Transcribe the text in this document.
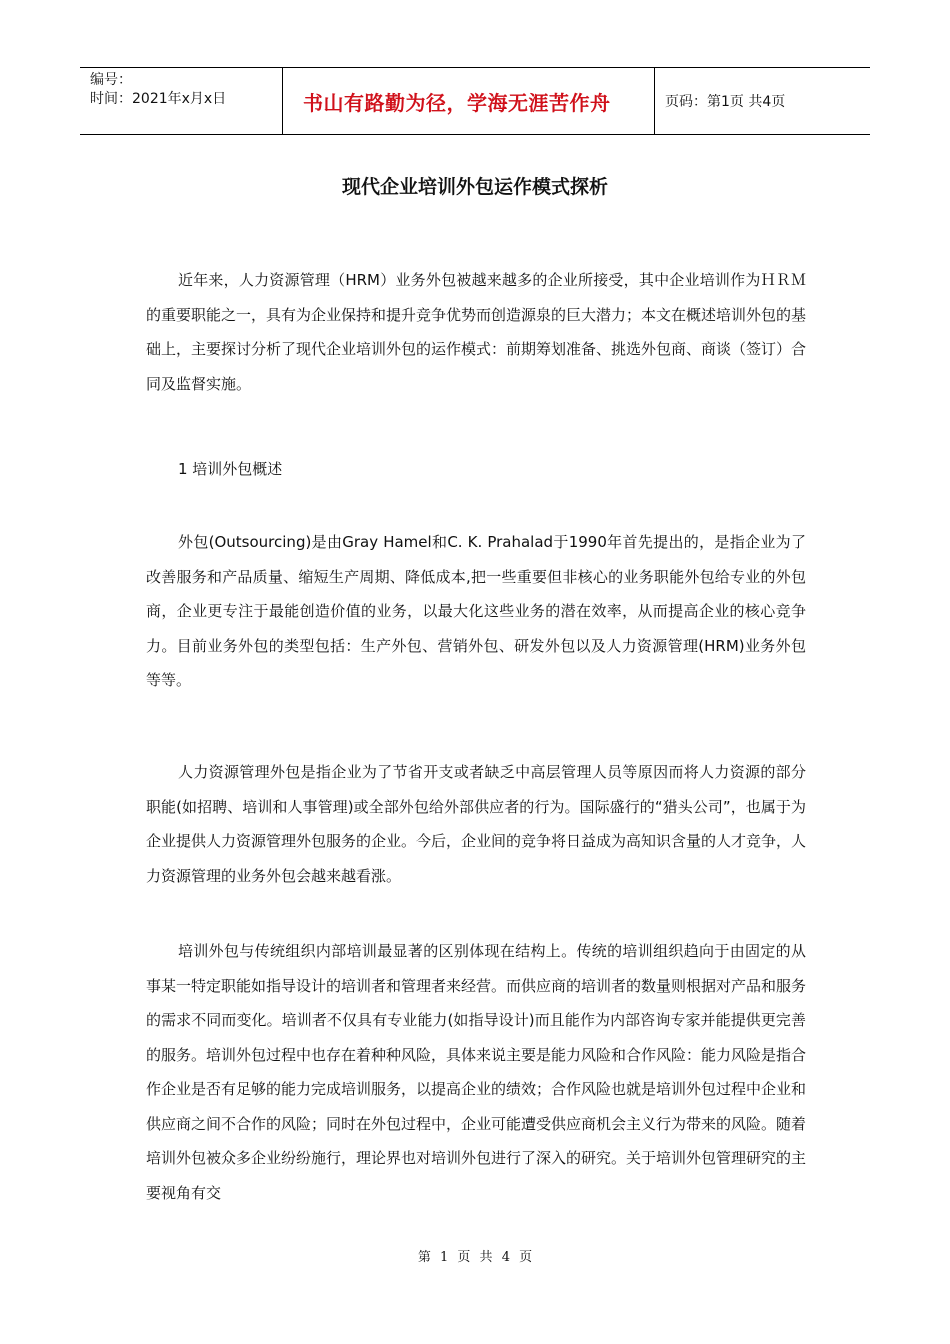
编号：
时间：2021年x月x日	书山有路勤为径，学海无涯苦作舟	页码：第1页 共4页
现代企业培训外包运作模式探析

近年来，人力资源管理（HRM）业务外包被越来越多的企业所接受，其中企业培训作为ＨＲＭ的重要职能之一，具有为企业保持和提升竞争优势而创造源泉的巨大潜力；本文在概述培训外包的基础上，主要探讨分析了现代企业培训外包的运作模式：前期筹划准备、挑选外包商、商谈（签订）合同及监督实施。

1 培训外包概述

外包(Outsourcing)是由Gray Hamel和C. K. Prahalad于1990年首先提出的，是指企业为了改善服务和产品质量、缩短生产周期、降低成本,把一些重要但非核心的业务职能外包给专业的外包商，企业更专注于最能创造价值的业务，以最大化这些业务的潜在效率，从而提高企业的核心竞争力。目前业务外包的类型包括：生产外包、营销外包、研发外包以及人力资源管理(HRM)业务外包等等。

人力资源管理外包是指企业为了节省开支或者缺乏中高层管理人员等原因而将人力资源的部分职能(如招聘、培训和人事管理)或全部外包给外部供应者的行为。国际盛行的“猎头公司”，也属于为企业提供人力资源管理外包服务的企业。今后，企业间的竞争将日益成为高知识含量的人才竞争，人力资源管理的业务外包会越来越看涨。

培训外包与传统组织内部培训最显著的区别体现在结构上。传统的培训组织趋向于由固定的从事某一特定职能如指导设计的培训者和管理者来经营。而供应商的培训者的数量则根据对产品和服务的需求不同而变化。培训者不仅具有专业能力(如指导设计)而且能作为内部咨询专家并能提供更完善的服务。培训外包过程中也存在着种种风险，具体来说主要是能力风险和合作风险：能力风险是指合作企业是否有足够的能力完成培训服务，以提高企业的绩效；合作风险也就是培训外包过程中企业和供应商之间不合作的风险；同时在外包过程中，企业可能遭受供应商机会主义行为带来的风险。随着培训外包被众多企业纷纷施行，理论界也对培训外包进行了深入的研究。关于培训外包管理研究的主要视角有交

第 1 页 共 4 页
